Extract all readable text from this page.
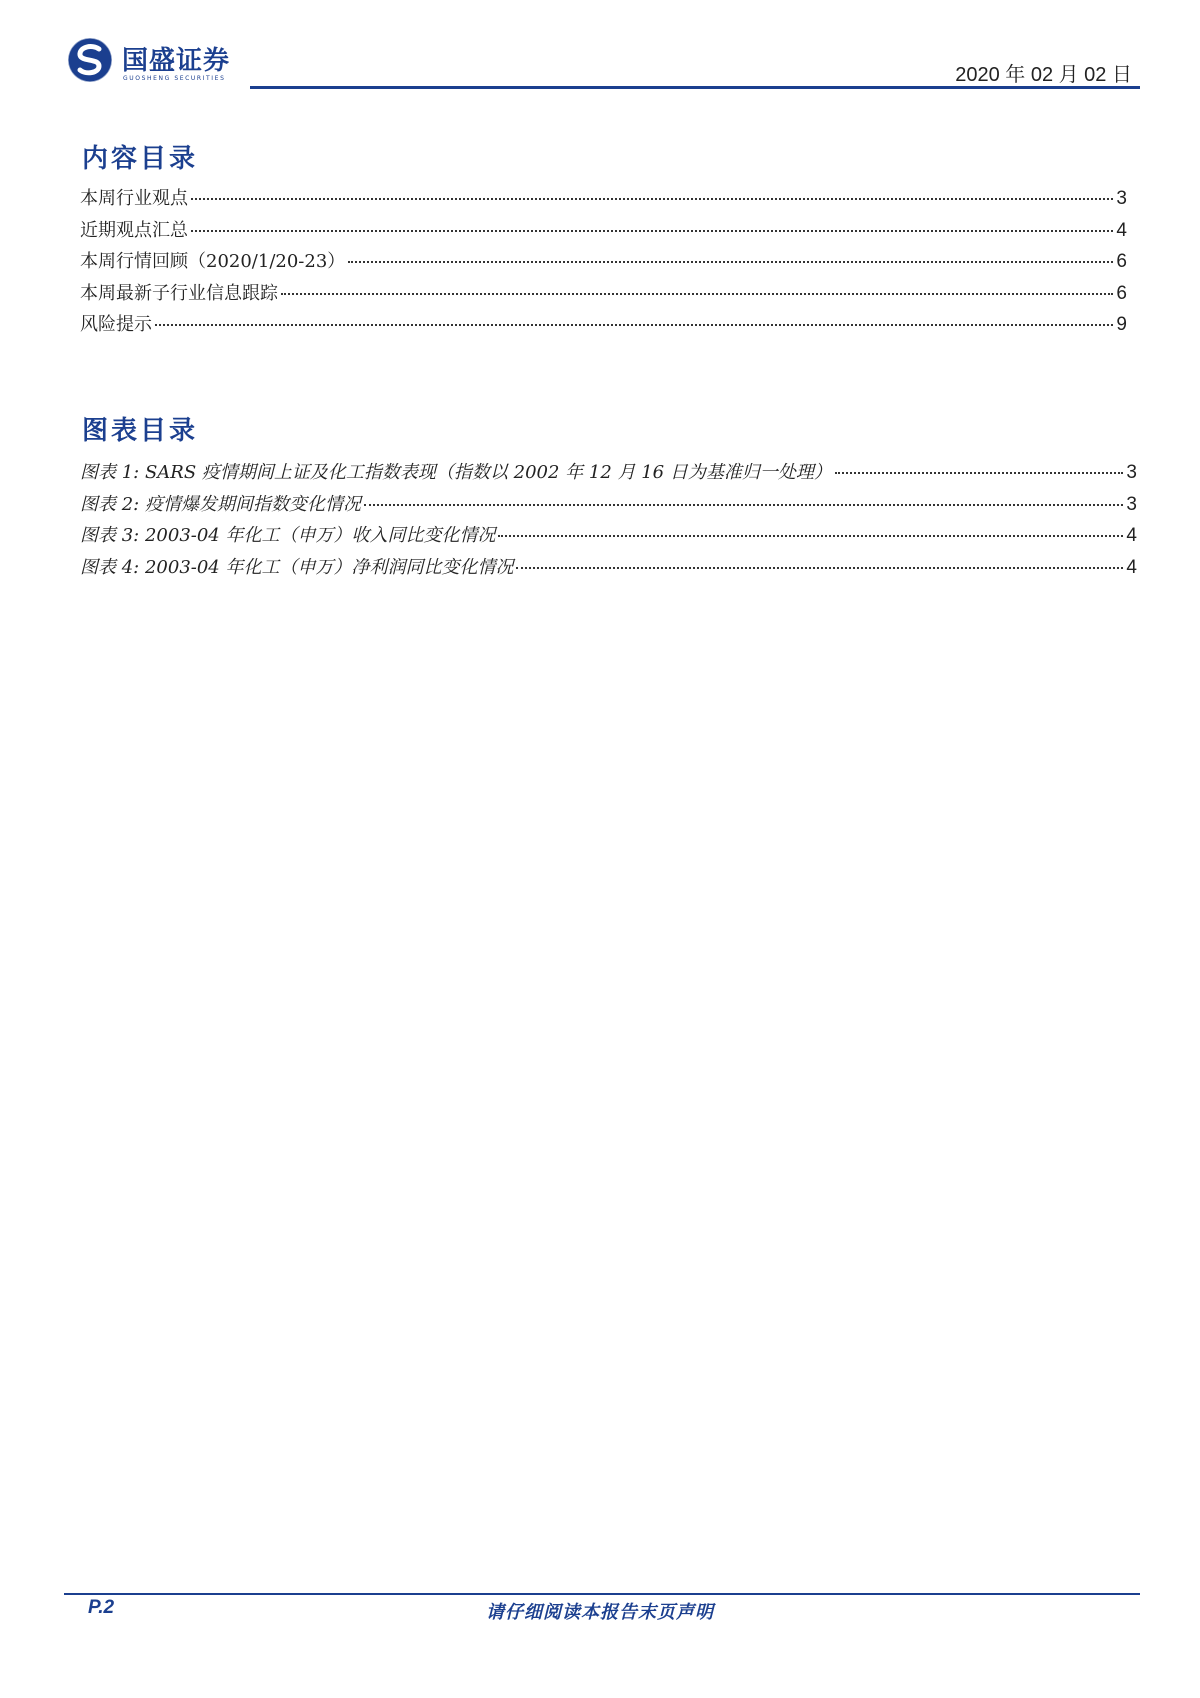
国盛证券
GUOSHENG SECURITIES	2020 年 02 月 02 日
内容目录
本周行业观点	3
近期观点汇总	4
本周行情回顾（2020/1/20-23）	6
本周最新子行业信息跟踪	6
风险提示	9
图表目录
图表 1: SARS 疫情期间上证及化工指数表现（指数以 2002 年 12 月 16 日为基准归一处理）	3
图表 2: 疫情爆发期间指数变化情况	3
图表 3: 2003-04 年化工（申万）收入同比变化情况	4
图表 4: 2003-04 年化工（申万）净利润同比变化情况	4
P.2	请仔细阅读本报告末页声明
